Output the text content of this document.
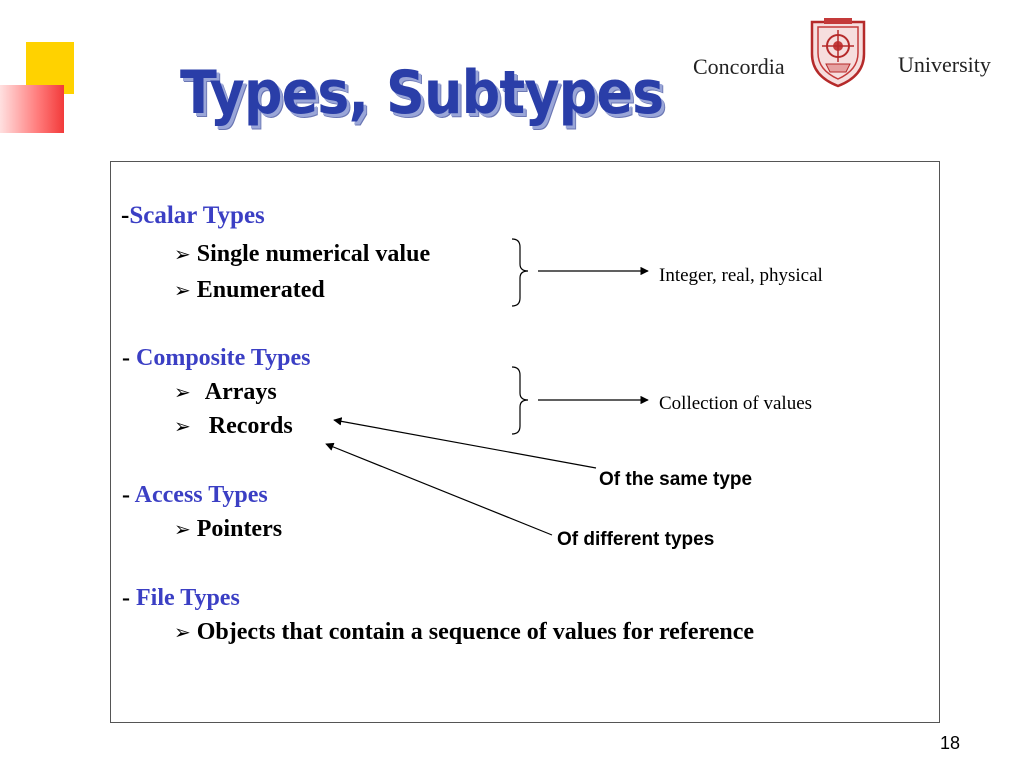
Types, Subtypes Concordia	University
-Scalar Types
➢ Single numerical value
➢ Enumerated
- Composite Types
➢ Arrays
➢ Records
- Access Types
➢ Pointers
- File Types
➢ Objects that contain a sequence of values for reference
Integer, real, physical
Collection of values
Of the same type
Of different types
18
